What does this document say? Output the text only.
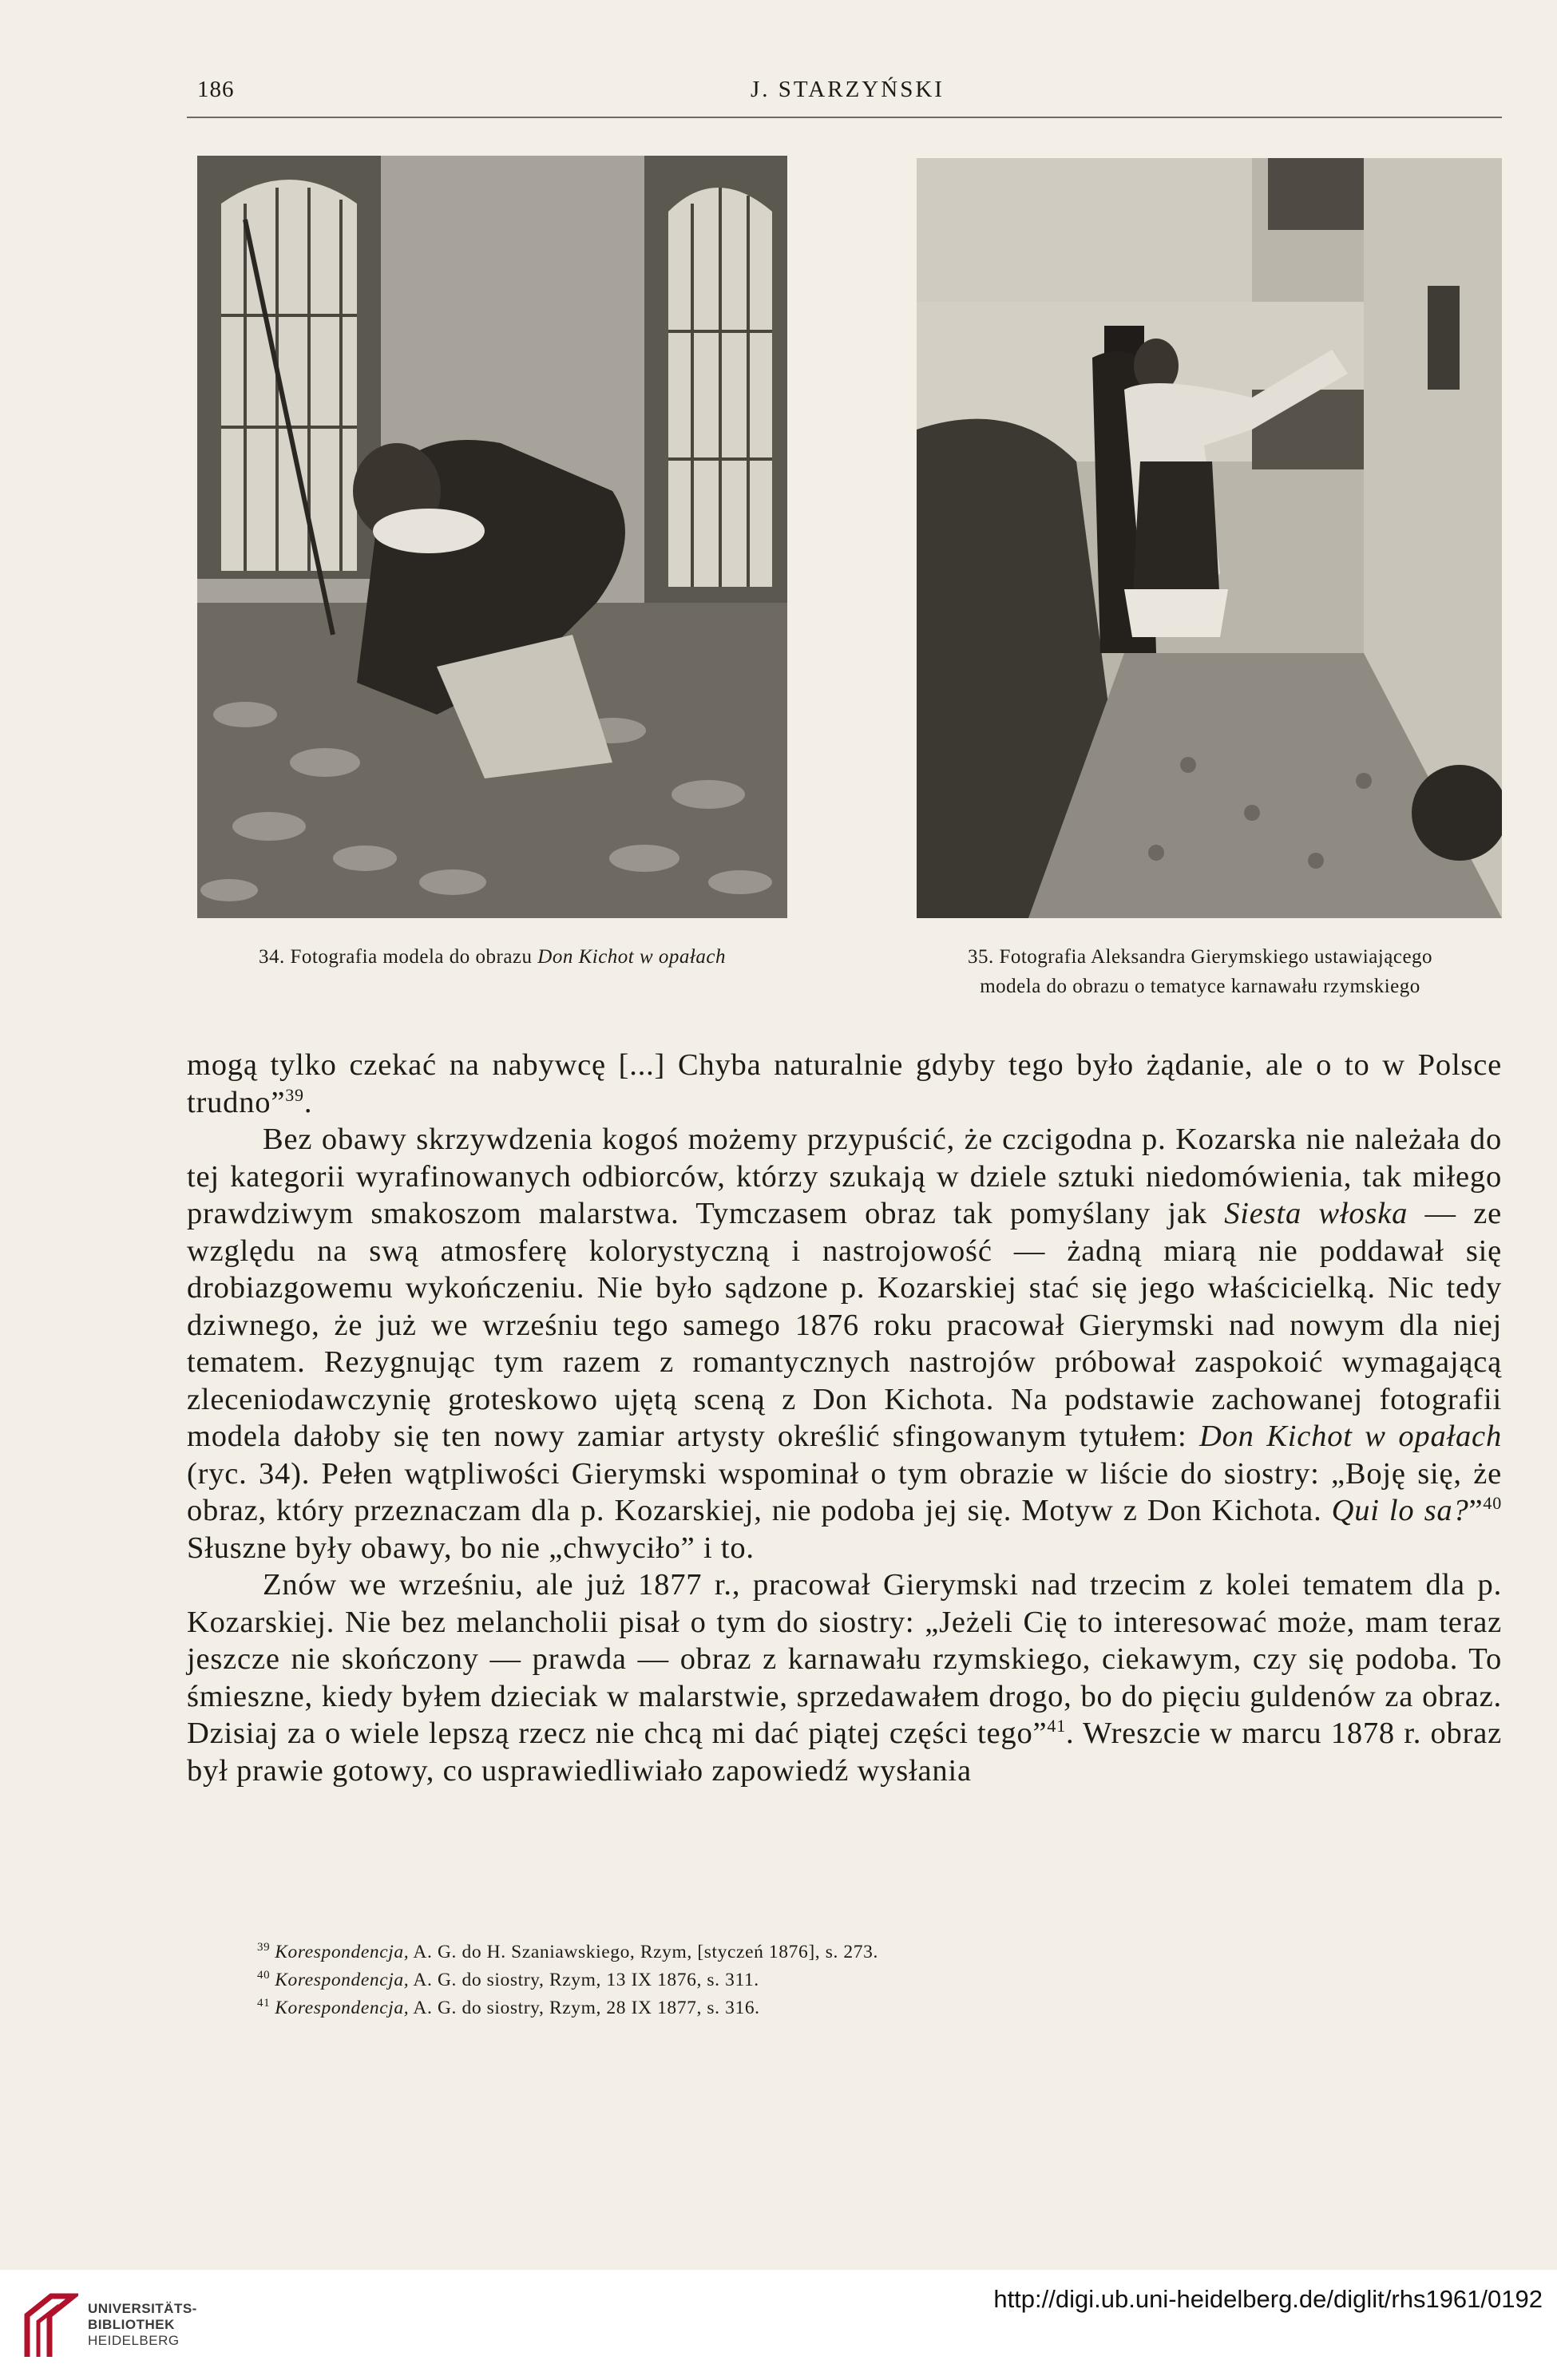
186	J. STARZYŃSKI
34. Fotografia modela do obrazu Don Kichot w opałach	35. Fotografia Aleksandra Gierymskiego ustawiającego
modela do obrazu o tematyce karnawału rzymskiego

mogą tylko czekać na nabywcę [...] Chyba naturalnie gdyby tego było żądanie, ale o to w Polsce trudno”$^{39}$.

Bez obawy skrzywdzenia kogoś możemy przypuścić, że czcigodna p. Kozarska nie należała do tej kategorii wyrafinowanych odbiorców, którzy szukają w dziele sztuki niedomówienia, tak miłego prawdziwym smakoszom malarstwa. Tymczasem obraz tak pomyślany jak Siesta włoska — ze względu na swą atmosferę kolorystyczną i nastrojowość — żadną miarą nie poddawał się drobiazgowemu wykończeniu. Nie było sądzone p. Kozarskiej stać się jego właścicielką. Nic tedy dziwnego, że już we wrześniu tego samego 1876 roku pracował Gierymski nad nowym dla niej tematem. Rezygnując tym razem z romantycznych nastrojów próbował zaspokoić wymagającą zleceniodawczynię groteskowo ujętą sceną z Don Kichota. Na podstawie zachowanej fotografii modela dałoby się ten nowy zamiar artysty określić sfingowanym tytułem: Don Kichot w opałach (ryc. 34). Pełen wątpliwości Gierymski wspominał o tym obrazie w liście do siostry: „Boję się, że obraz, który przeznaczam dla p. Kozarskiej, nie podoba jej się. Motyw z Don Kichota. Qui lo sa?”$^{40}$ Słuszne były obawy, bo nie „chwyciło” i to.

Znów we wrześniu, ale już 1877 r., pracował Gierymski nad trzecim z kolei tematem dla p. Kozarskiej. Nie bez melancholii pisał o tym do siostry: „Jeżeli Cię to interesować może, mam teraz jeszcze nie skończony — prawda — obraz z karnawału rzymskiego, ciekawym, czy się podoba. To śmieszne, kiedy byłem dzieciak w malarstwie, sprzedawałem drogo, bo do pięciu guldenów za obraz. Dzisiaj za o wiele lepszą rzecz nie chcą mi dać piątej części tego”$^{41}$. Wreszcie w marcu 1878 r. obraz był prawie gotowy, co usprawiedliwiało zapowiedź wysłania

$^{39}$ Korespondencja, A. G. do H. Szaniawskiego, Rzym, [styczeń 1876], s. 273.
$^{40}$ Korespondencja, A. G. do siostry, Rzym, 13 IX 1876, s. 311.
$^{41}$ Korespondencja, A. G. do siostry, Rzym, 28 IX 1877, s. 316.
UNIVERSITÄTS-
BIBLIOTHEK
HEIDELBERG
http://digi.ub.uni-heidelberg.de/diglit/rhs1961/0192
